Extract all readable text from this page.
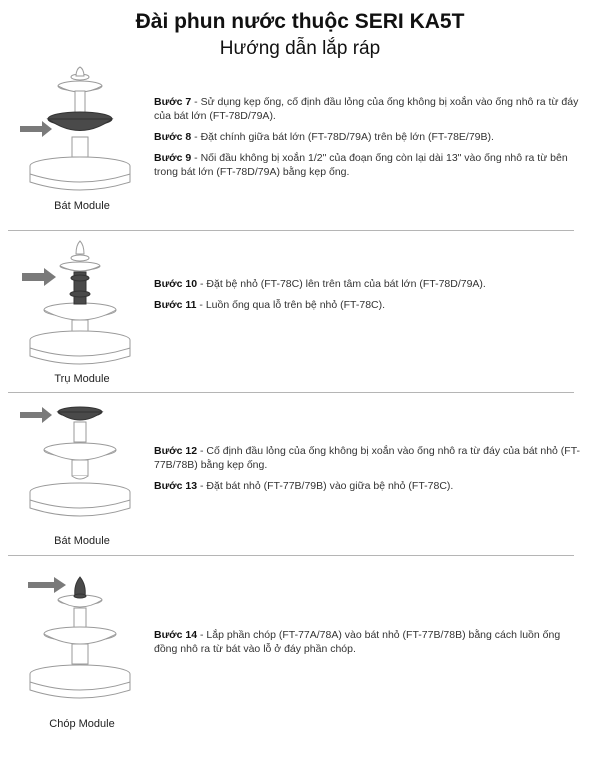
Đài phun nước thuộc SERI KA5T
Hướng dẫn lắp ráp
Bát Module

Bước 7 - Sử dụng kẹp ống, cố định đầu lỏng của ống không bị xoắn vào ống nhô ra từ đáy của bát lớn (FT-78D/79A).

Bước 8 - Đặt chính giữa bát lớn (FT-78D/79A) trên bệ lớn (FT-78E/79B).

Bước 9 - Nối đầu không bị xoắn 1/2" của đoạn ống còn lại dài 13" vào ống nhô ra từ bên trong bát lớn (FT-78D/79A) bằng kẹp ống.

Trụ Module

Bước 10 - Đặt bệ nhỏ (FT-78C) lên trên tâm của bát lớn (FT-78D/79A).

Bước 11 - Luồn ống qua lỗ trên bệ nhỏ (FT-78C).

Bát Module

Bước 12 - Cố định đầu lỏng của ống không bị xoắn vào ống nhô ra từ đáy của bát nhỏ (FT-77B/78B) bằng kẹp ống.

Bước 13 - Đặt bát nhỏ (FT-77B/79B) vào giữa bệ nhỏ (FT-78C).

Chóp Module

Bước 14 - Lắp phần chóp (FT-77A/78A) vào bát nhỏ (FT-77B/78B) bằng cách luồn ống đồng nhô ra từ bát vào lỗ ở đáy phần chóp.
